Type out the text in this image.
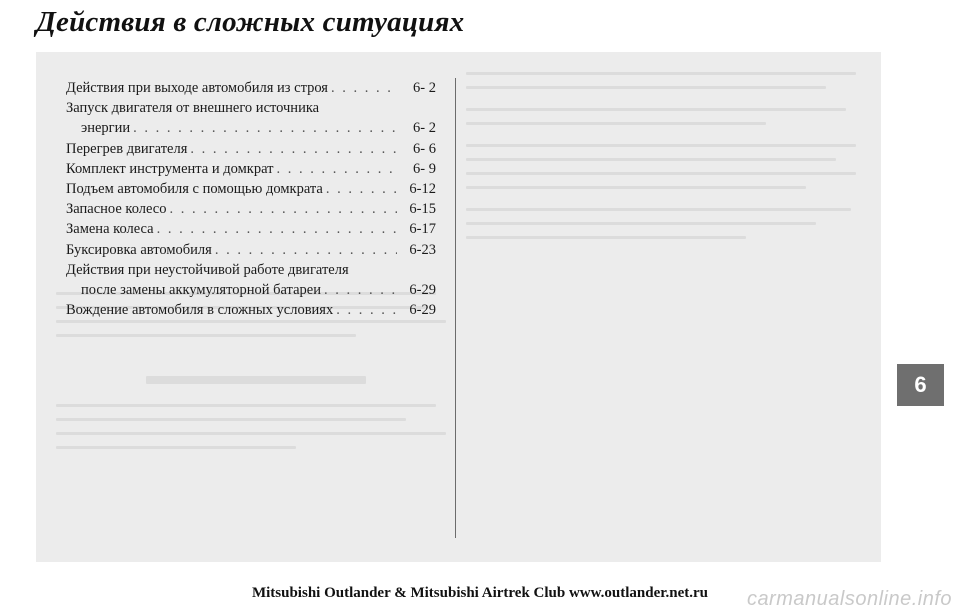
Действия в сложных ситуациях
Действия при выходе автомобиля из строя . . .	6- 2
Запуск двигателя от внешнего источника
энергии . . .	6- 2
Перегрев двигателя . . .	6- 6
Комплект инструмента и домкрат . . .	6- 9
Подъем автомобиля с помощью домкрата . . .	6-12
Запасное колесо . . .	6-15
Замена колеса . . .	6-17
Буксировка автомобиля . . .	6-23
Действия при неустойчивой работе двигателя
после замены аккумуляторной батареи . . .	6-29
Вождение автомобиля в сложных условиях . . .	6-29
6
Mitsubishi Outlander & Mitsubishi Airtrek Club www.outlander.net.ru	carmanualsonline.info
